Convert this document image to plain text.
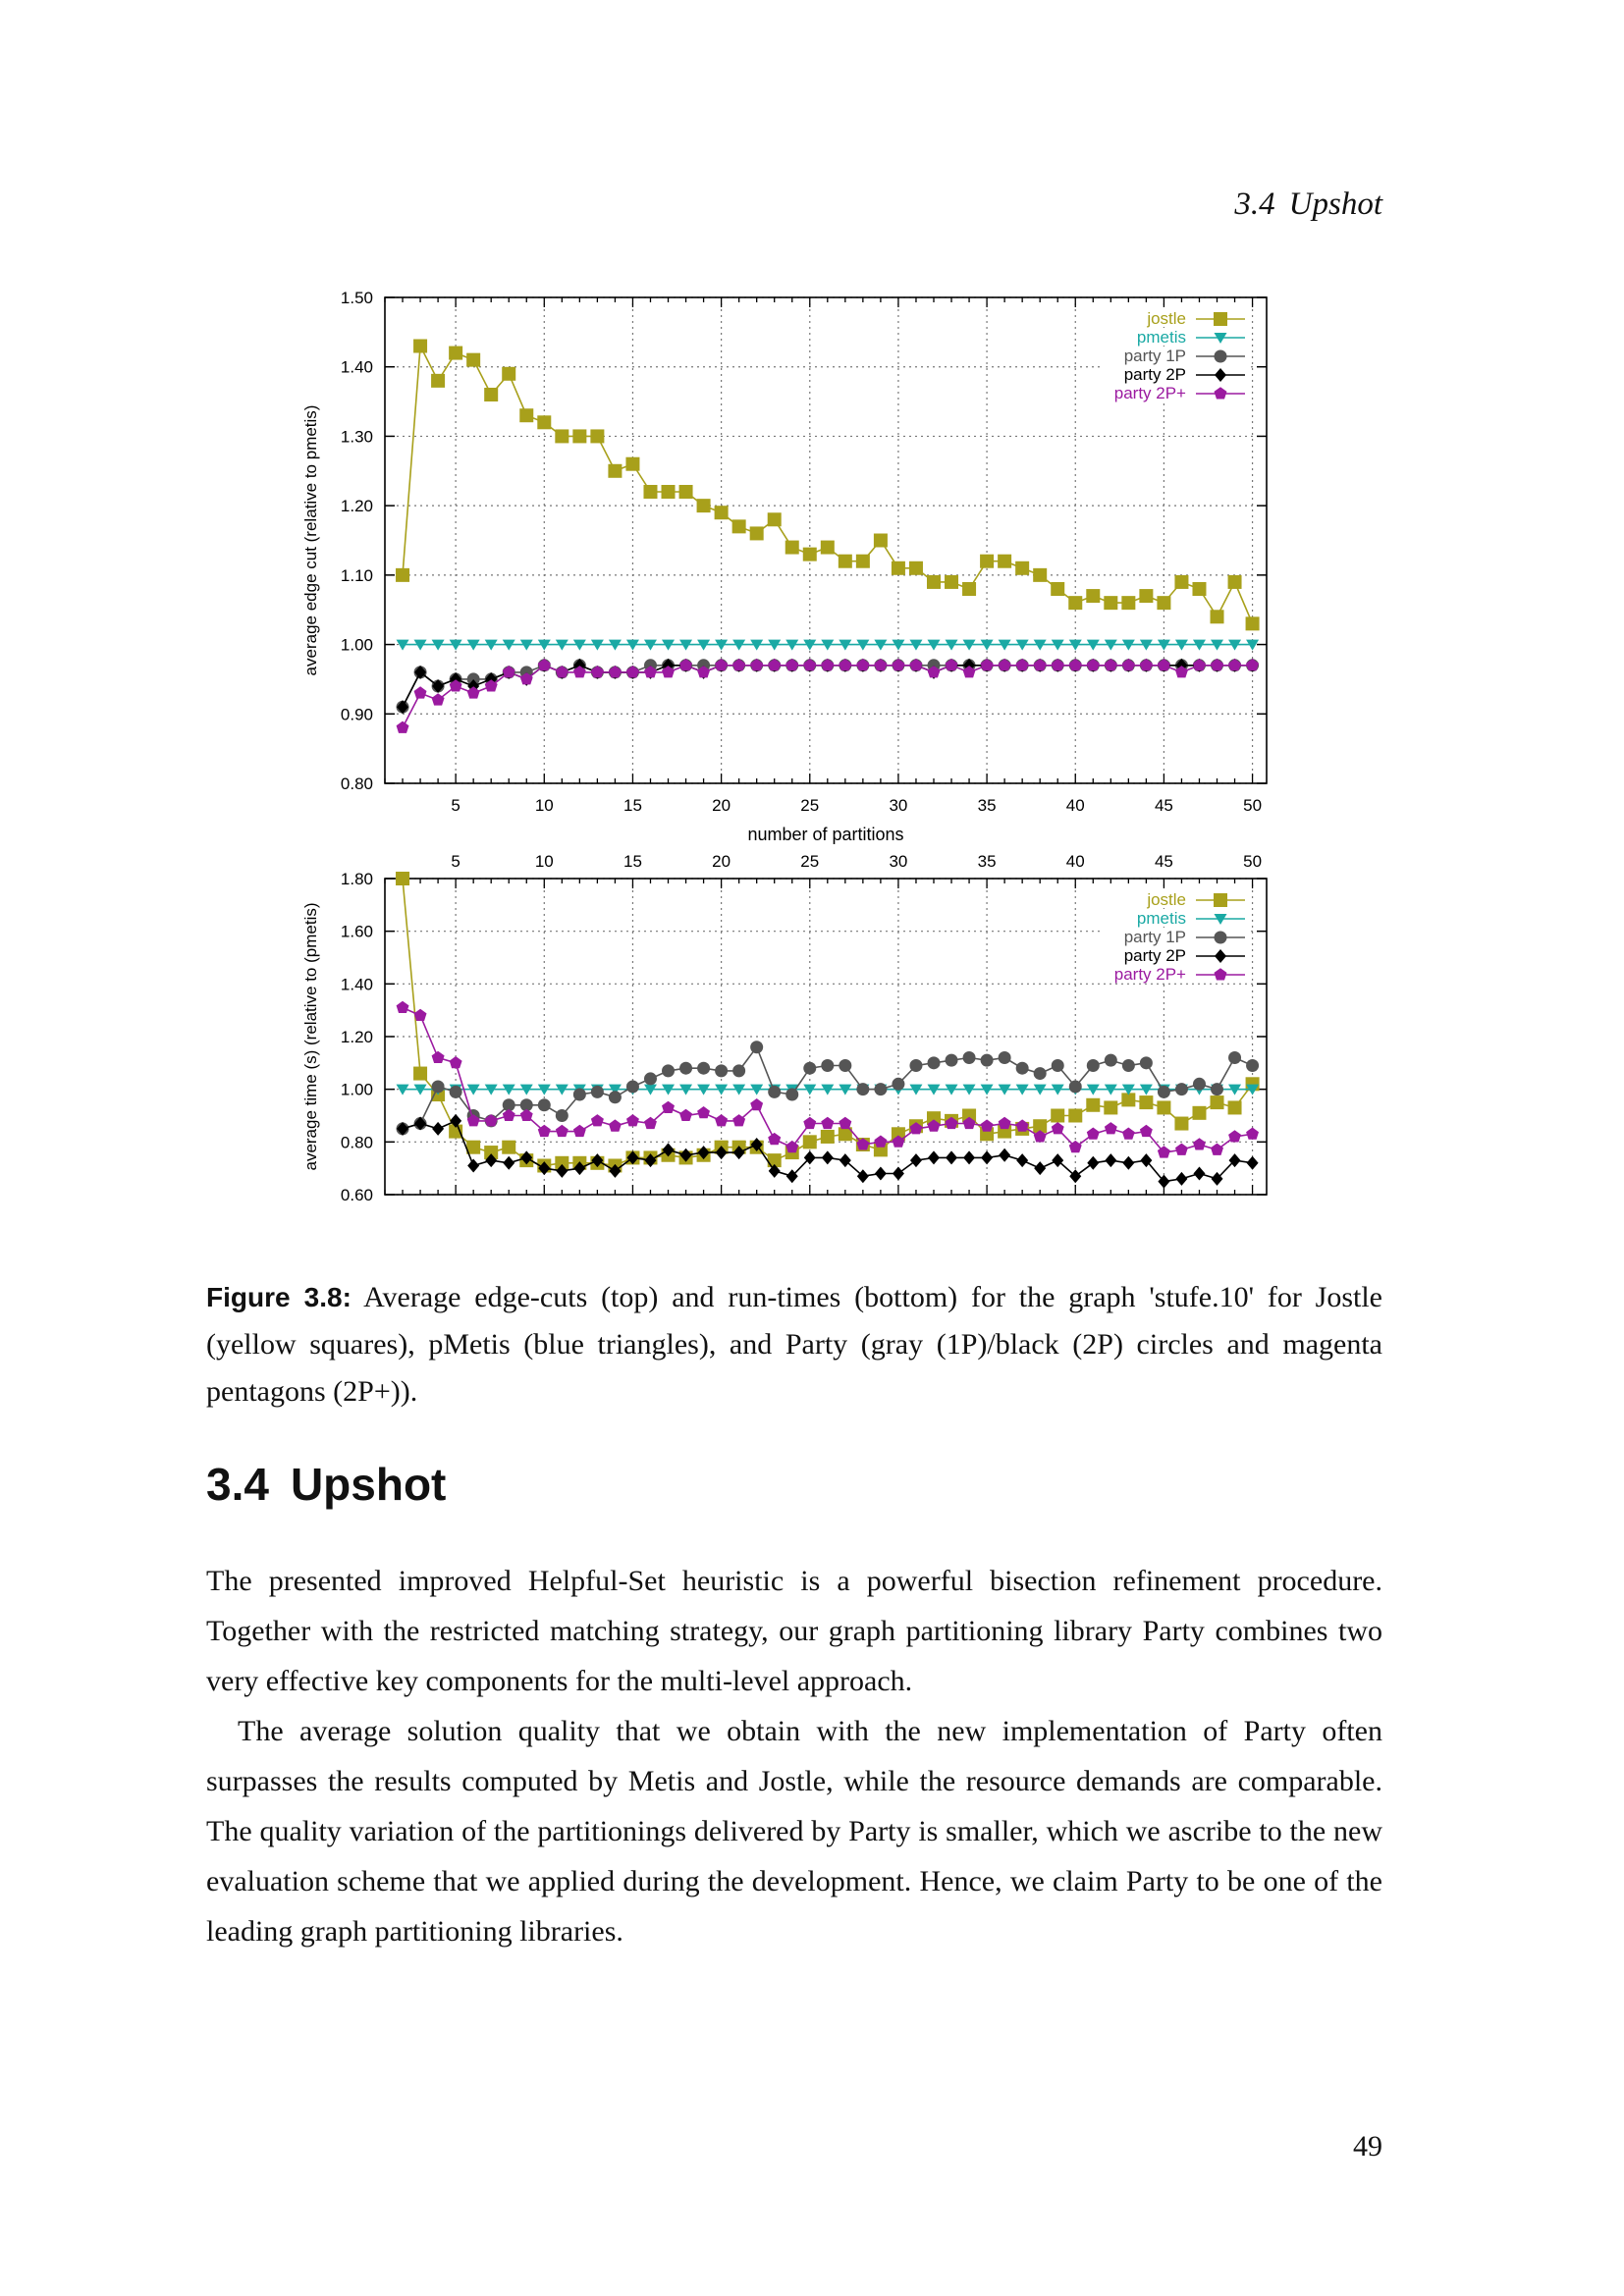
3.4 Upshot
0.80
0.90
1.00
1.10
1.20
1.30
1.40
1.50
5	10	15	20	25	30	35	40	45	50
number of partitions
average edge cut (relative to pmetis)
jostle
pmetis
party 1P
party 2P
party 2P+
0.60
0.80
1.00
1.20
1.40
1.60
1.80
5	10	15	20	25	30	35	40	45	50
average time (s) (relative to (pmetis)
jostle
pmetis
party 1P
party 2P
party 2P+
Figure 3.8: Average edge-cuts (top) and run-times (bottom) for the graph 'stufe.10' for Jostle (yellow squares), pMetis (blue triangles), and Party (gray (1P)/black (2P) circles and magenta pentagons (2P+)).
3.4 Upshot

The presented improved Helpful-Set heuristic is a powerful bisection refinement procedure. Together with the restricted matching strategy, our graph partitioning library Party combines two very effective key components for the multi-level approach.

The average solution quality that we obtain with the new implementation of Party often surpasses the results computed by Metis and Jostle, while the resource demands are comparable. The quality variation of the partitionings delivered by Party is smaller, which we ascribe to the new evaluation scheme that we applied during the development. Hence, we claim Party to be one of the leading graph partitioning libraries.

49
